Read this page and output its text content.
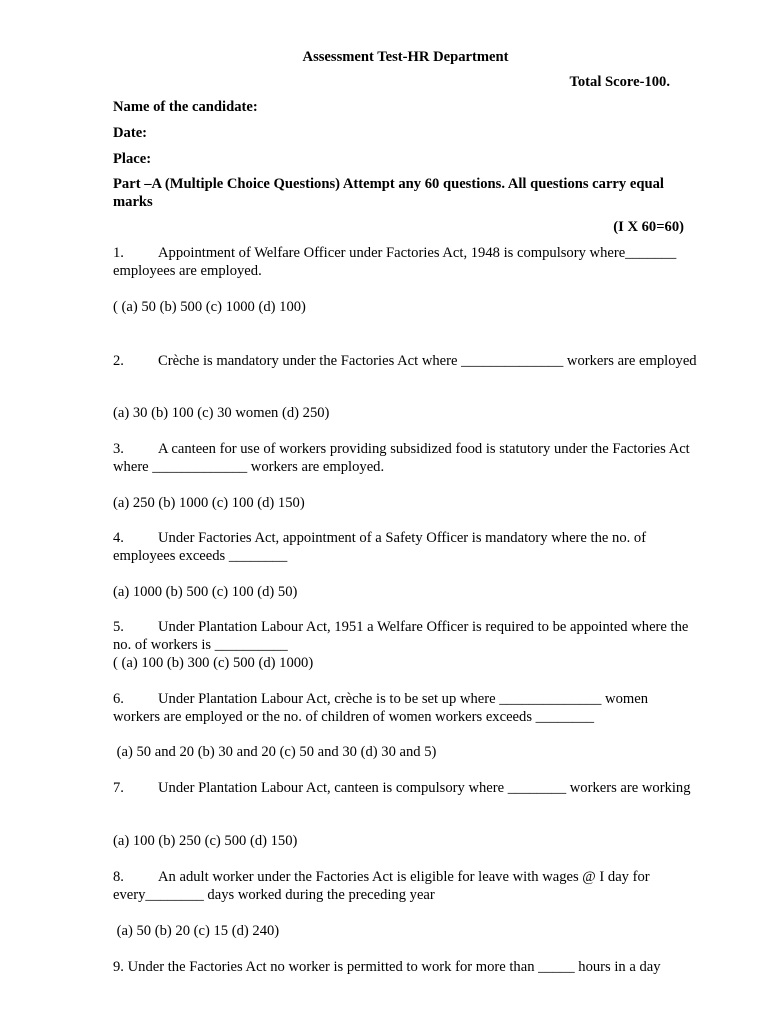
Assessment Test-HR Department
Total Score-100.
Name of the candidate:
Date:
Place:
Part –A (Multiple Choice Questions) Attempt any 60 questions. All questions carry equal marks
(I X 60=60)
1. Appointment of Welfare Officer under Factories Act, 1948 is compulsory where_______ employees are employed.
( (a) 50 (b) 500 (c) 1000 (d) 100)
2. Crèche is mandatory under the Factories Act where ______________ workers are employed
(a) 30 (b) 100 (c) 30 women (d) 250)
3. A canteen for use of workers providing subsidized food is statutory under the Factories Act where _____________ workers are employed.
(a) 250 (b) 1000 (c) 100 (d) 150)
4. Under Factories Act, appointment of a Safety Officer is mandatory where the no. of employees exceeds ________
(a) 1000 (b) 500 (c) 100 (d) 50)
5. Under Plantation Labour Act, 1951 a Welfare Officer is required to be appointed where the no. of workers is __________
( (a) 100 (b) 300 (c) 500 (d) 1000)
6. Under Plantation Labour Act, crèche is to be set up where ______________ women workers are employed or the no. of children of women workers exceeds ________
(a) 50 and 20 (b) 30 and 20 (c) 50 and 30 (d) 30 and 5)
7. Under Plantation Labour Act, canteen is compulsory where ________ workers are working
(a) 100 (b) 250 (c) 500 (d) 150)
8. An adult worker under the Factories Act is eligible for leave with wages @ I day for every________ days worked during the preceding year
(a) 50 (b) 20 (c) 15 (d) 240)
9. Under the Factories Act no worker is permitted to work for more than _____ hours in a day
